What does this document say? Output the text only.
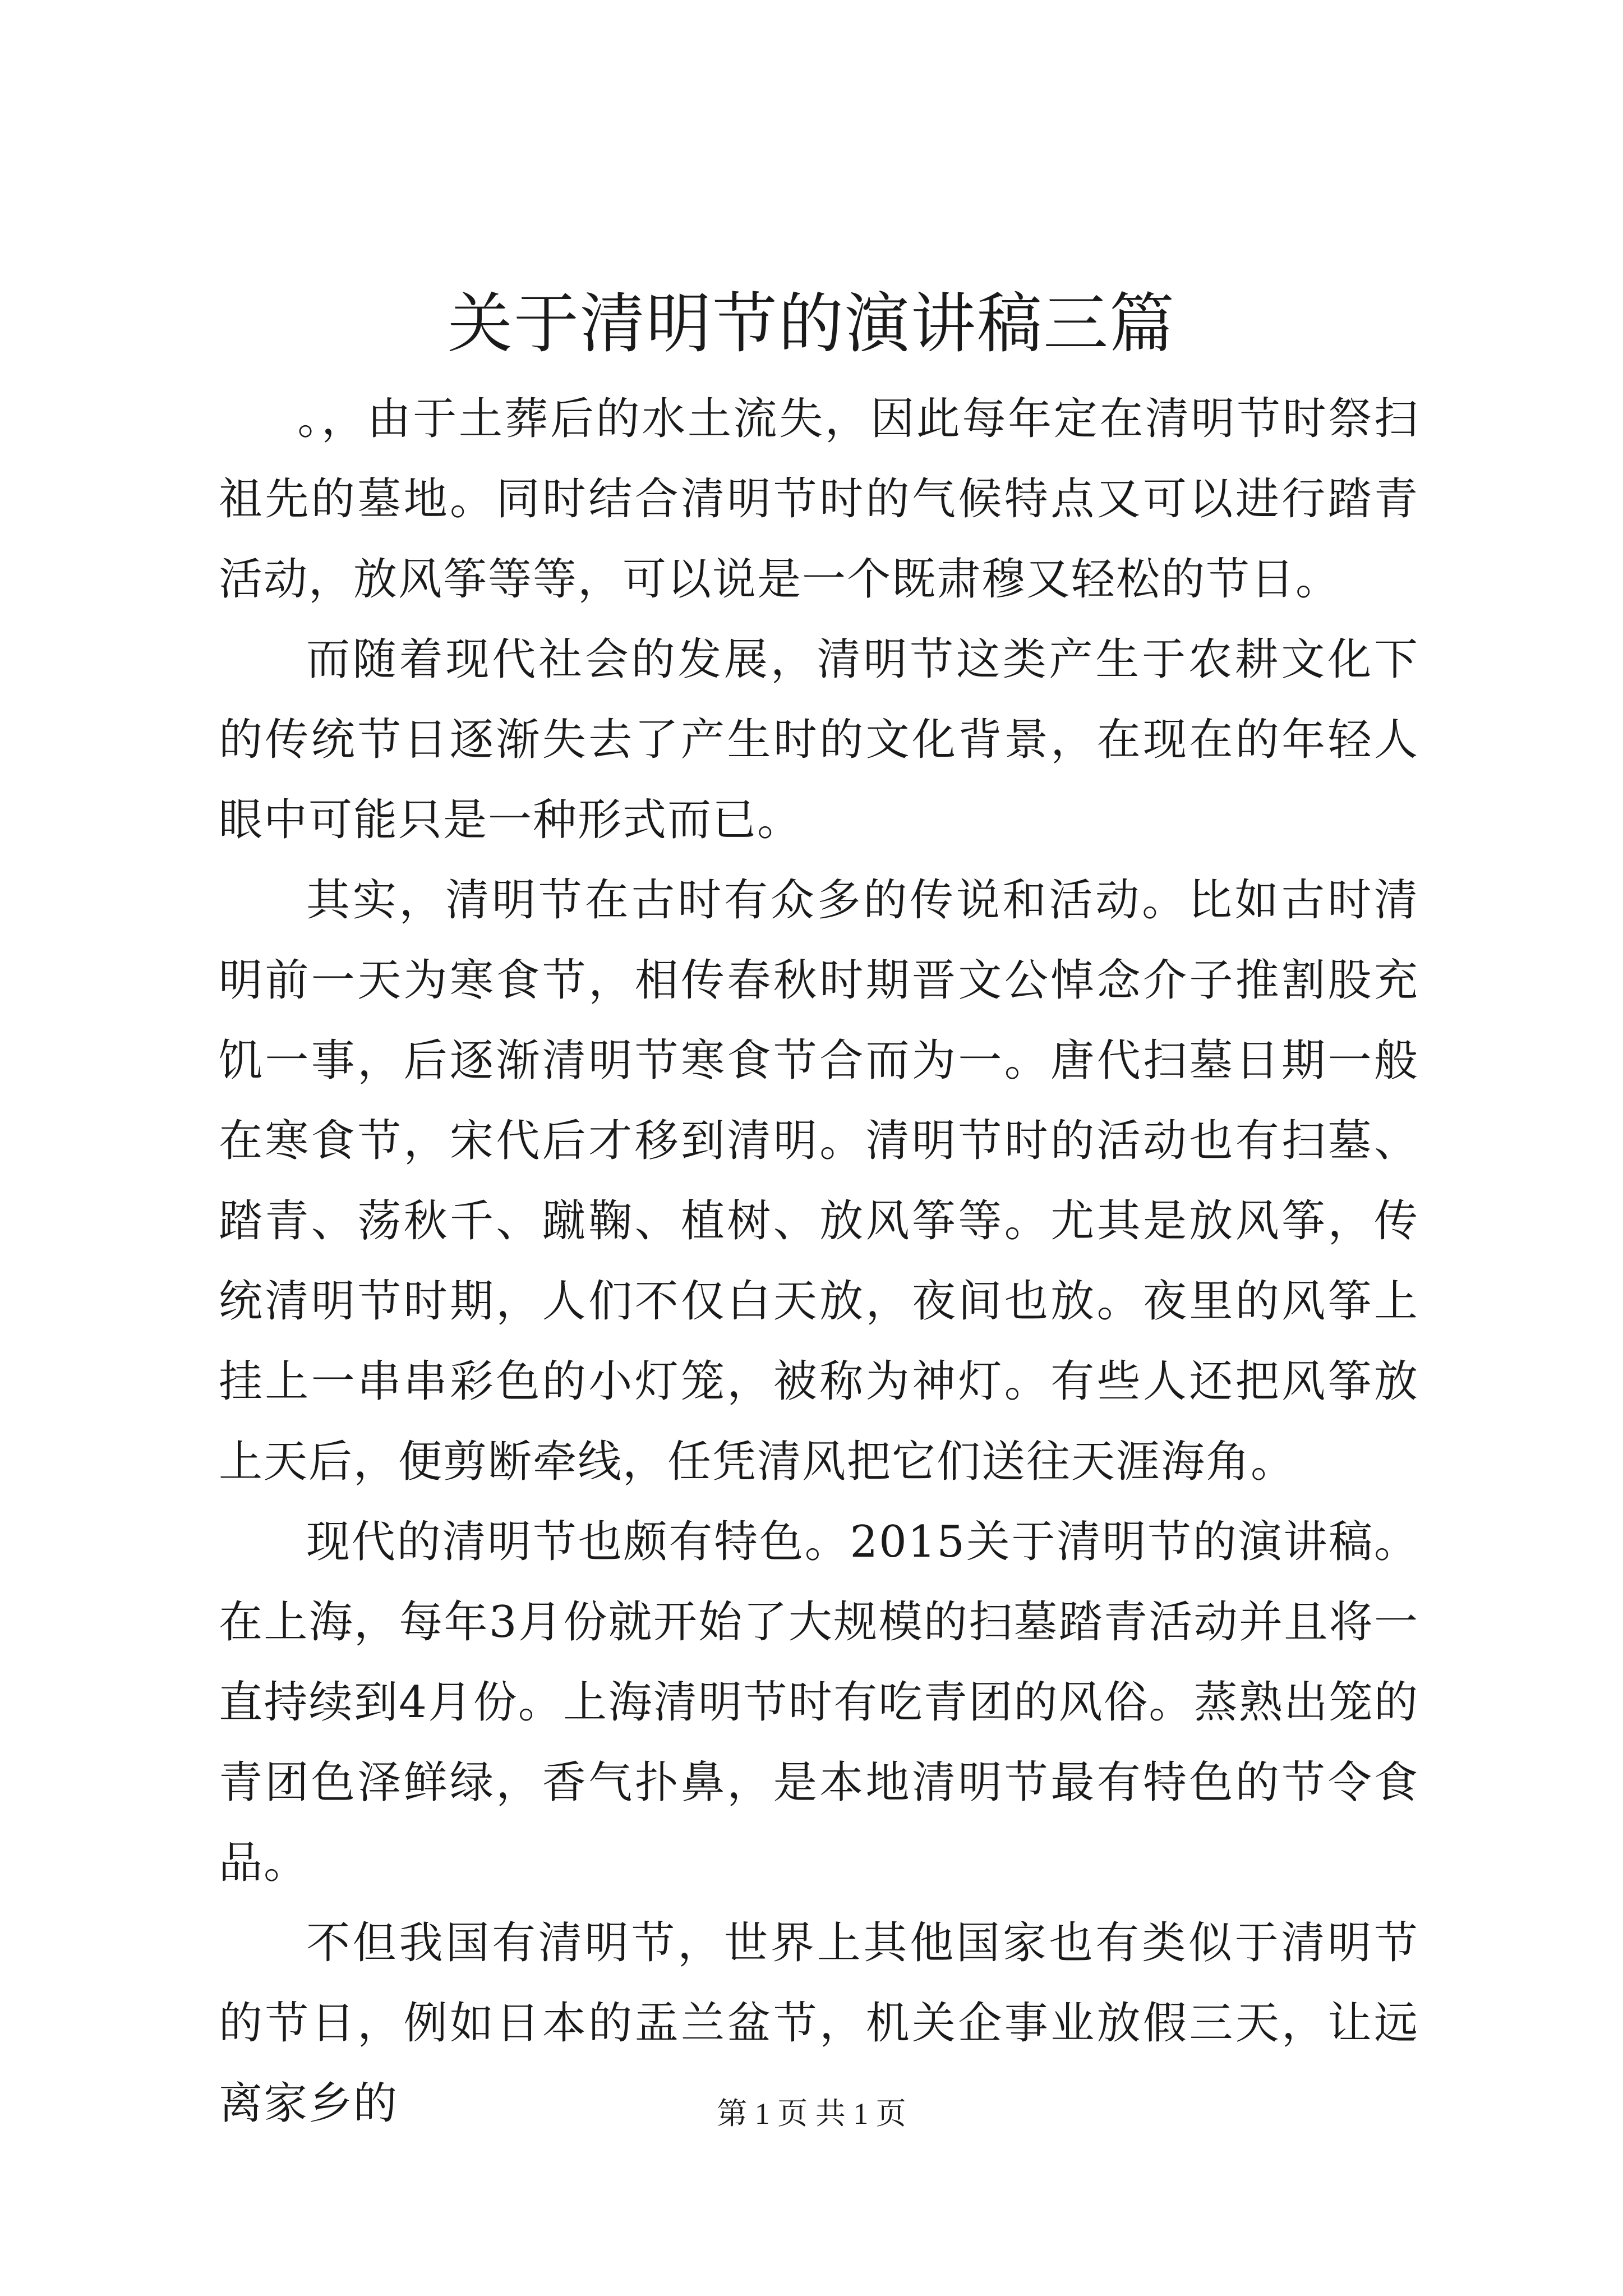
关于清明节的演讲稿三篇

。，由于土葬后的水土流失，因此每年定在清明节时祭扫祖先的墓地。同时结合清明节时的气候特点又可以进行踏青活动，放风筝等等，可以说是一个既肃穆又轻松的节日。

而随着现代社会的发展，清明节这类产生于农耕文化下的传统节日逐渐失去了产生时的文化背景，在现在的年轻人眼中可能只是一种形式而已。

其实，清明节在古时有众多的传说和活动。比如古时清明前一天为寒食节，相传春秋时期晋文公悼念介子推割股充饥一事，后逐渐清明节寒食节合而为一。唐代扫墓日期一般在寒食节，宋代后才移到清明。清明节时的活动也有扫墓、踏青、荡秋千、蹴鞠、植树、放风筝等。尤其是放风筝，传统清明节时期，人们不仅白天放，夜间也放。夜里的风筝上挂上一串串彩色的小灯笼，被称为神灯。有些人还把风筝放上天后，便剪断牵线，任凭清风把它们送往天涯海角。

现代的清明节也颇有特色。2015关于清明节的演讲稿。在上海，每年3月份就开始了大规模的扫墓踏青活动并且将一直持续到4月份。上海清明节时有吃青团的风俗。蒸熟出笼的青团色泽鲜绿，香气扑鼻，是本地清明节最有特色的节令食品。

不但我国有清明节，世界上其他国家也有类似于清明节的节日，例如日本的盂兰盆节，机关企事业放假三天，让远离家乡的	第 1 页 共 1 页
